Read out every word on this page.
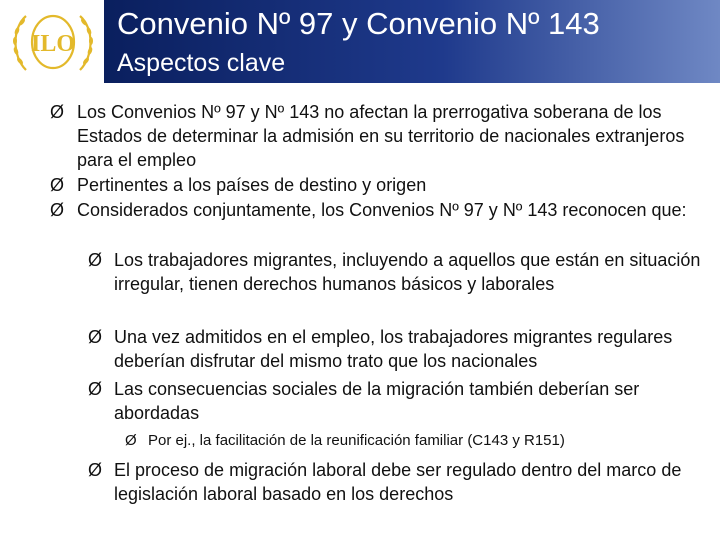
ILO
Convenio Nº 97 y Convenio Nº 143
Aspectos clave
Ø Los Convenios Nº 97 y Nº 143 no afectan la prerrogativa soberana de los Estados de determinar la admisión en su territorio de nacionales extranjeros para el empleo
Ø Pertinentes a los países de destino y origen
Ø Considerados conjuntamente, los Convenios Nº 97 y Nº 143 reconocen que:
Ø Los trabajadores migrantes, incluyendo a aquellos que están en situación irregular, tienen derechos humanos básicos y laborales
Ø Una vez admitidos en el empleo, los trabajadores migrantes regulares deberían disfrutar del mismo trato que los nacionales
Ø Las consecuencias sociales de la migración también deberían ser abordadas
Ø Por ej., la facilitación de la reunificación familiar (C143 y R151)
Ø El proceso de migración laboral debe ser regulado dentro del marco de legislación laboral basado en los derechos
